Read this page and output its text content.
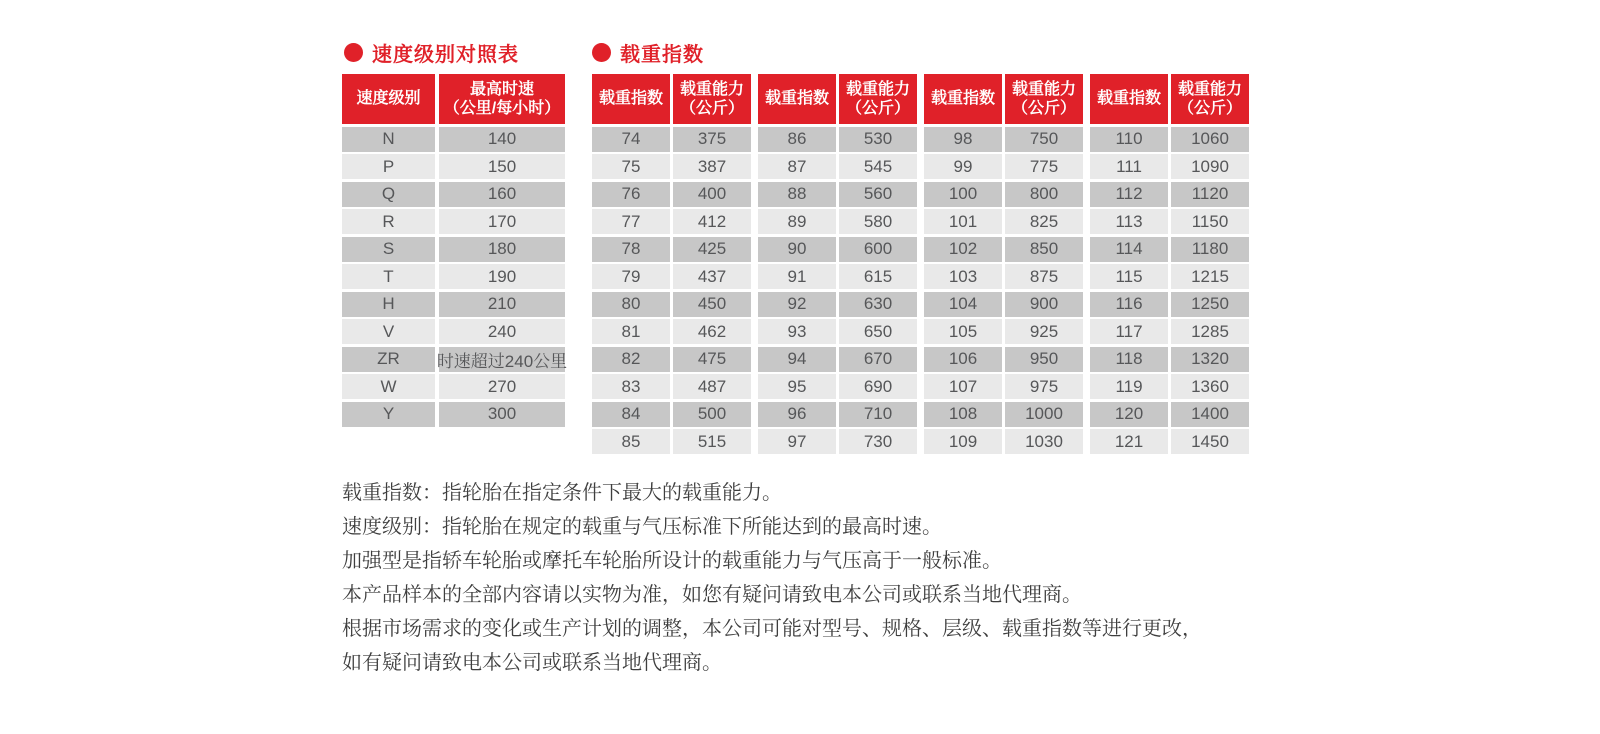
速度级别对照表	载重指数
速度级别
最高时速
（公里/每小时）
N	140
P	150
Q	160
R	170
S	180
T	190
H	210
V	240
ZR	时速超过240公里
W	270
Y	300
载重指数
载重能力
（公斤）
74	375
75	387
76	400
77	412
78	425
79	437
80	450
81	462
82	475
83	487
84	500
85	515
载重指数
载重能力
（公斤）
86	530
87	545
88	560
89	580
90	600
91	615
92	630
93	650
94	670
95	690
96	710
97	730
载重指数
载重能力
（公斤）
98	750
99	775
100	800
101	825
102	850
103	875
104	900
105	925
106	950
107	975
108	1000
109	1030
载重指数
载重能力
（公斤）
110	1060
111	1090
112	1120
113	1150
114	1180
115	1215
116	1250
117	1285
118	1320
119	1360
120	1400
121	1450

载重指数：指轮胎在指定条件下最大的载重能力。

速度级别：指轮胎在规定的载重与气压标准下所能达到的最高时速。

加强型是指轿车轮胎或摩托车轮胎所设计的载重能力与气压高于一般标准。

本产品样本的全部内容请以实物为准，如您有疑问请致电本公司或联系当地代理商。

根据市场需求的变化或生产计划的调整，本公司可能对型号、规格、层级、载重指数等进行更改，

如有疑问请致电本公司或联系当地代理商。
